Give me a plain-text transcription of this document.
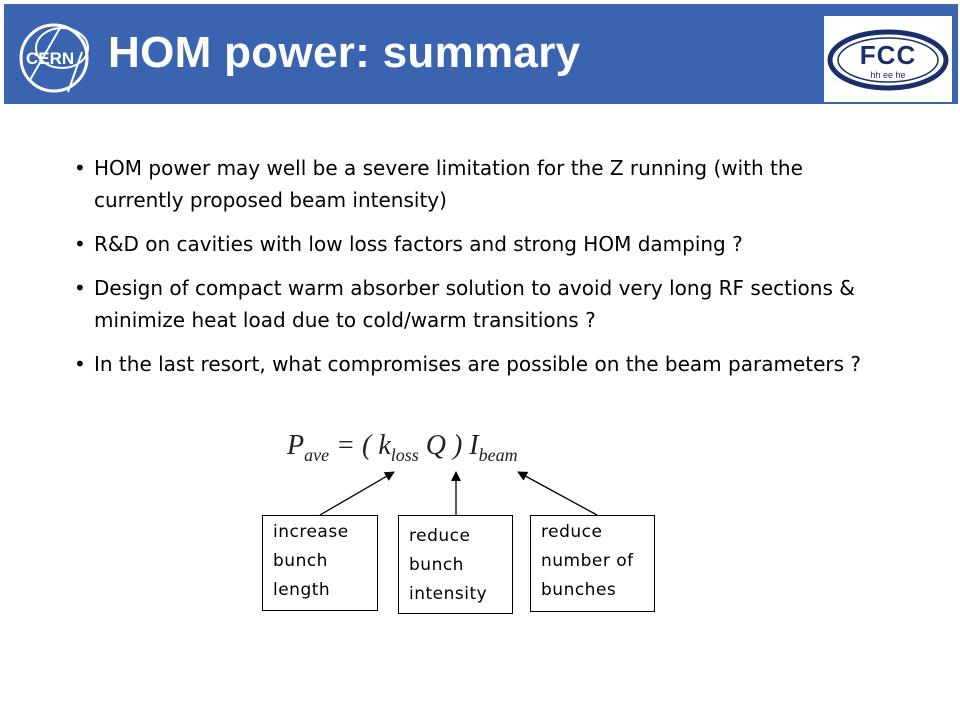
CERN HOM power: summary	FCC
hh ee he
• HOM power may well be a severe limitation for the Z running (with the currently proposed beam intensity)
• R&D on cavities with low loss factors and strong HOM damping ?
• Design of compact warm absorber solution to avoid very long RF sections & minimize heat load due to cold/warm transitions ?
• In the last resort, what compromises are possible on the beam parameters ?
$P_{ave}$ = ( $k_{loss}$ Q ) $I_{beam}$
increase
bunch
length
reduce
bunch
intensity
reduce
number of
bunches
